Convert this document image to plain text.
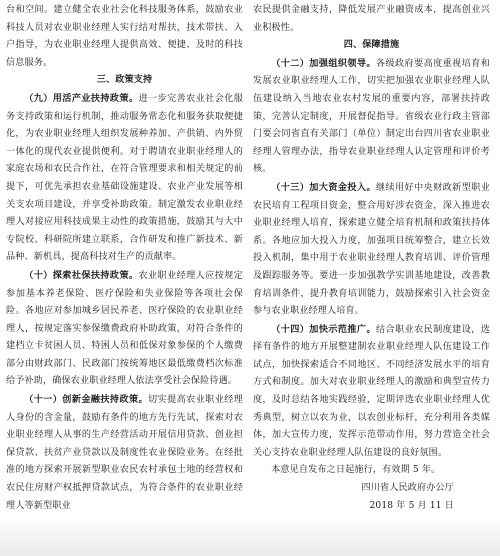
台和空间。建立健全农业社会化科技服务体系，鼓励农业科技人员对农业职业经理人实行结对帮扶，技术带扶、入户指导，为农业职业经理人提供高效、便捷、及时的科技信息服务。

三、政策支持

（九）用活产业扶持政策。进一步完善农业社会化服务支持政策和运行机制，推动服务常态化和服务获取便捷化，为农业职业经理人组织发展种养加、产供销、内外贸一体化的现代农业提供便利。对于聘请农业职业经理人的家庭农场和农民合作社，在符合管理要求和相关规定的前提下，可优先承担农业基础设施建设、农业产业发展等相关支农项目建设，并享受补助政策。制定激发农业职业经理人对接应用科技成果主动性的政策措施，鼓励其与大中专院校、科研院所建立联系，合作研发和推广新技术、新品种、新机具，提高科技对生产的贡献率。

（十）探索社保扶持政策。农业职业经理人应按规定参加基本养老保险、医疗保险和失业保险等各项社会保险。各地应对参加城乡居民养老、医疗保险的农业职业经理人，按规定落实参保缴费政府补助政策，对符合条件的建档立卡贫困人员、特困人员和低保对象参保的个人缴费部分由财政部门、民政部门按统筹地区最低缴费档次标准给予补助，确保农业职业经理人依法享受社会保险待遇。

（十一）创新金融扶持政策。切实提高农业职业经理人身份的含金量，鼓励有条件的地方先行先试，探索对农业职业经理人从事的生产经营活动开展信用贷款、创业担保贷款、扶贫产业贷款以及制度性农业保险业务。在经批准的地方探索开展新型职业农民农村承包土地的经营权和农民住房财产权抵押贷款试点，为符合条件的农业职业经理人等新型职业

农民提供金融支持，降低发展产业融资成本，提高创业兴业积极性。

四、保障措施

（十二）加强组织领导。各级政府要高度重视培育和发展农业职业经理人工作，切实把加强农业职业经理人队伍建设纳入当地农业农村发展的重要内容，部署扶持政策，完善认定制度，开展督促指导。省级农业行政主管部门要会同省直有关部门（单位）制定出台四川省农业职业经理人管理办法，指导农业职业经理人认定管理和评价考核。

（十三）加大资金投入。继续用好中央财政新型职业农民培育工程项目资金，整合用好涉农资金，深入推进农业职业经理人培育，探索建立健全培育机制和政策扶持体系。各地应加大投入力度，加强项目统筹整合，建立长效投入机制，集中用于农业职业经理人教育培训、评价管理及跟踪服务等。要进一步加强教学实训基地建设，改善教育培训条件，提升教育培训能力，鼓励探索引入社会资金参与农业职业经理人培育。

（十四）加快示范推广。结合职业农民制度建设，选择有条件的地方开展整建制农业职业经理人队伍建设工作试点，加快探索适合不同地区、不同经济发展水平的培育方式和制度。加大对农业职业经理人的激励和典型宣传力度，及时总结各地实践经验，定期评选农业职业经理人优秀典型，树立以农为业，以农创业标杆，充分利用各类媒体，加大宣传力度，发挥示范带动作用，努力营造全社会关心支持农业职业经理人队伍建设的良好氛围。

本意见自发布之日起施行，有效期 5 年。

四川省人民政府办公厅

2018 年 5 月 11 日
